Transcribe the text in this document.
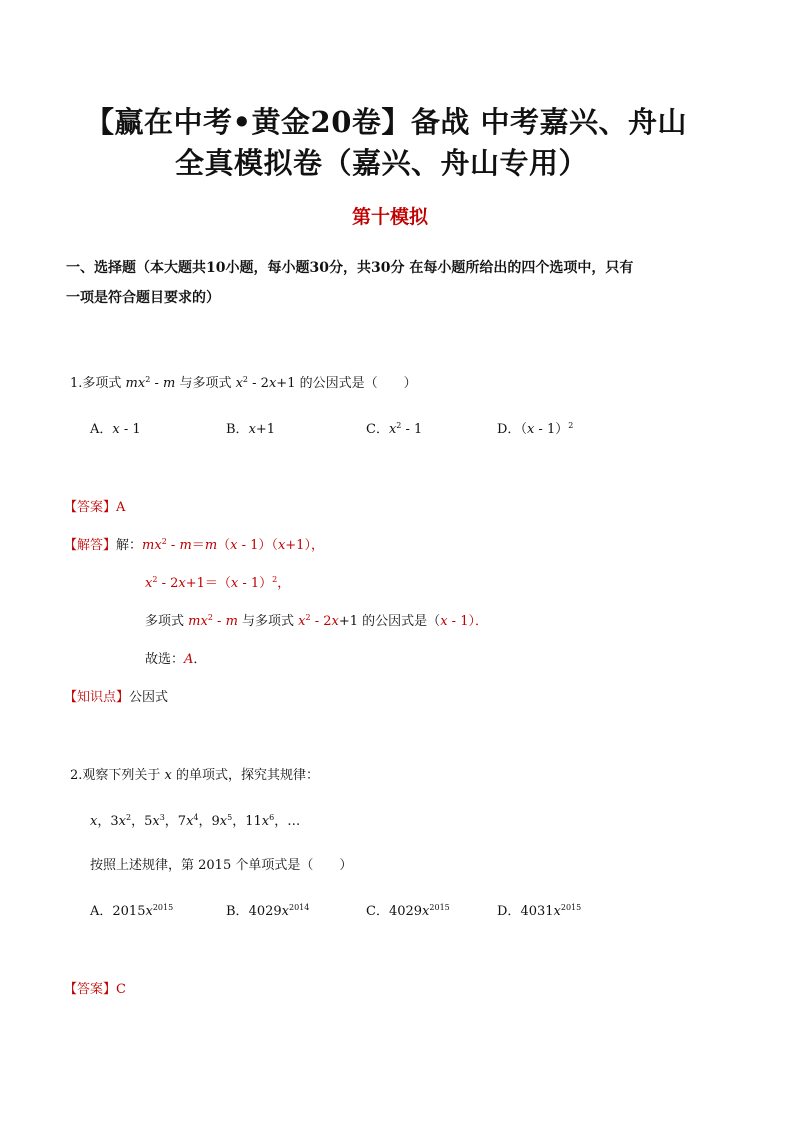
【赢在中考•黄金20卷】备战 中考嘉兴、舟山
全真模拟卷（嘉兴、舟山专用）
第十模拟
一、选择题（本大题共10小题，每小题30分，共30分 在每小题所给出的四个选项中，只有
一项是符合题目要求的）
1.多项式 $mx^2$ - m 与多项式 $x^2 - 2x+1$ 的公因式是（　　）
A．x - 1	B．x+1	C．$x^2 - 1$	D．（x - 1）$^2$
【答案】A
【解答】解：$mx^2 - m=m(x - 1)(x+1)$，
$x^2 - 2x+1=(x - 1)^2$，
多项式 $mx^2$ - m 与多项式 $x^2 - 2x+1$ 的公因式是（x - 1）．
故选：A．
【知识点】公因式
2.观察下列关于 x 的单项式，探究其规律：
x，$3x^2$，$5x^3$，$7x^4$，$9x^5$，$11x^6$，…
按照上述规律，第 2015 个单项式是（　　）
A．$2015x^{2015}$	B．$4029x^{2014}$	C．$4029x^{2015}$	D．$4031x^{2015}$
【答案】C
